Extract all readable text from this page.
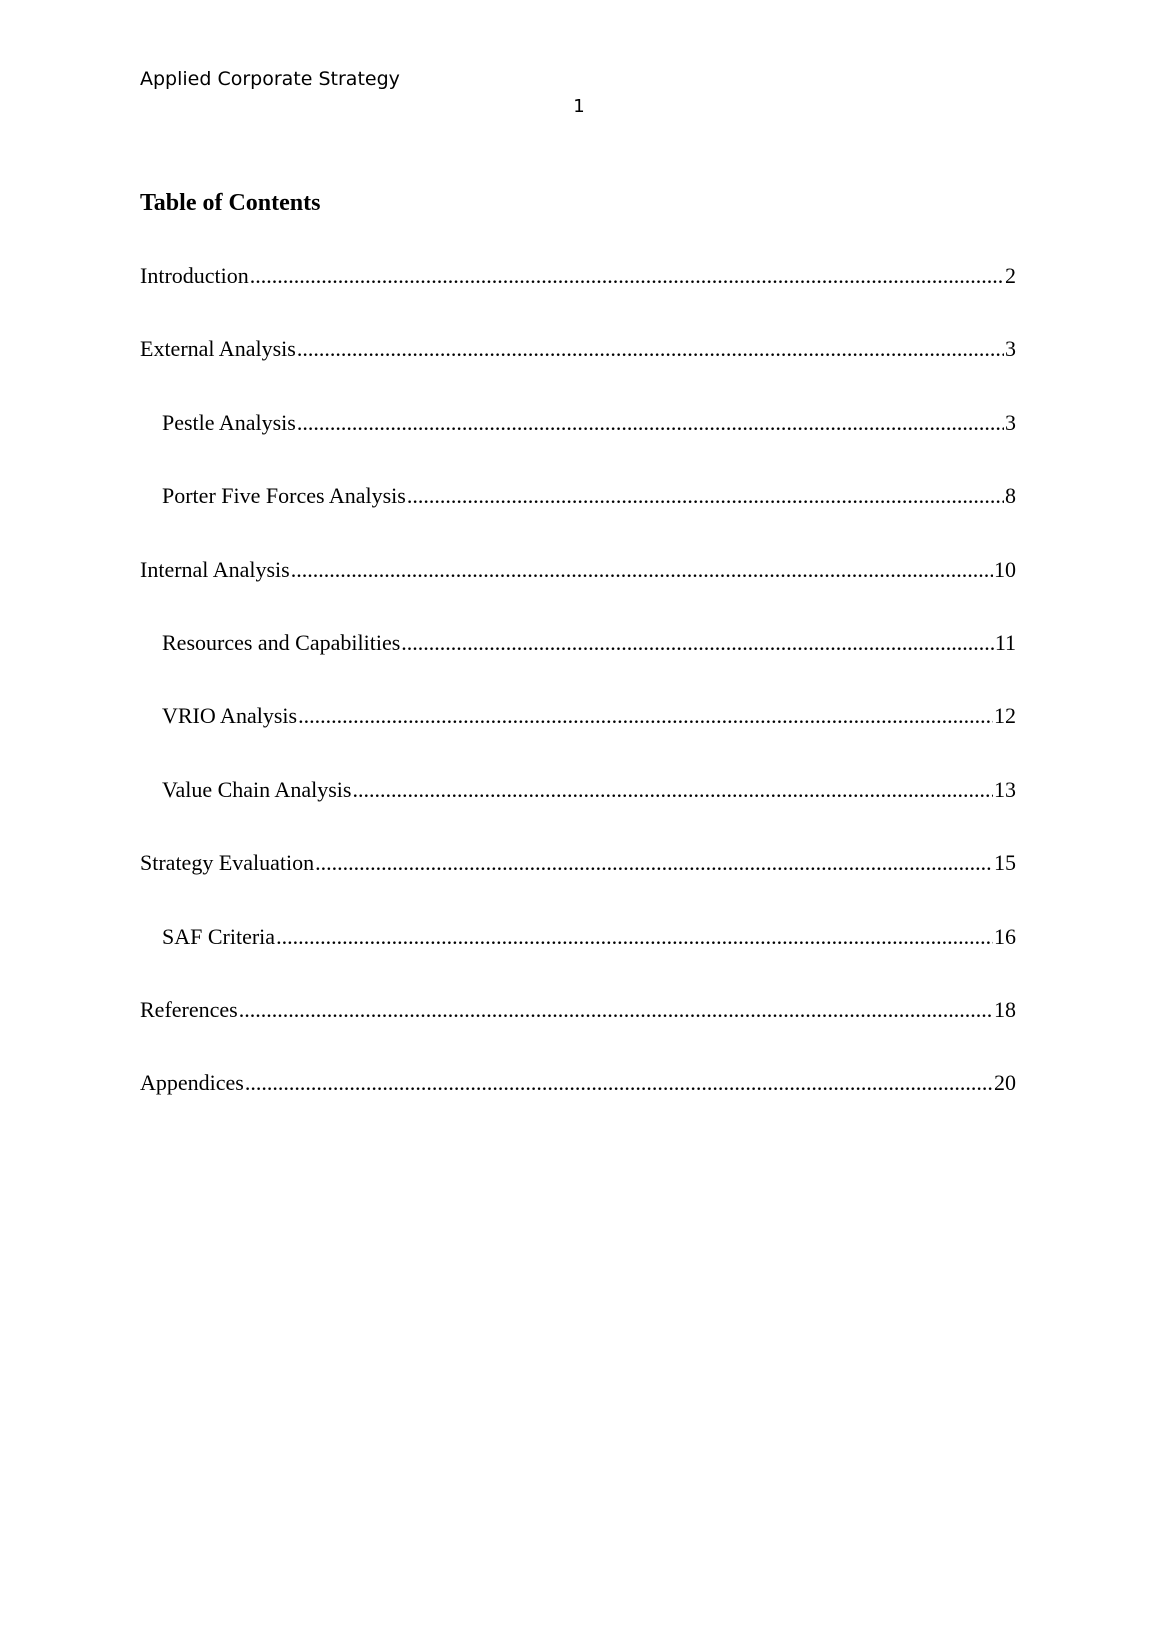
Applied Corporate Strategy
1
Table of Contents
Introduction .....	2
External Analysis .....	3
Pestle Analysis .....	3
Porter Five Forces Analysis .....	8
Internal Analysis .....	10
Resources and Capabilities .....	11
VRIO Analysis .....	12
Value Chain Analysis .....	13
Strategy Evaluation .....	15
SAF Criteria .....	16
References .....	18
Appendices .....	20
